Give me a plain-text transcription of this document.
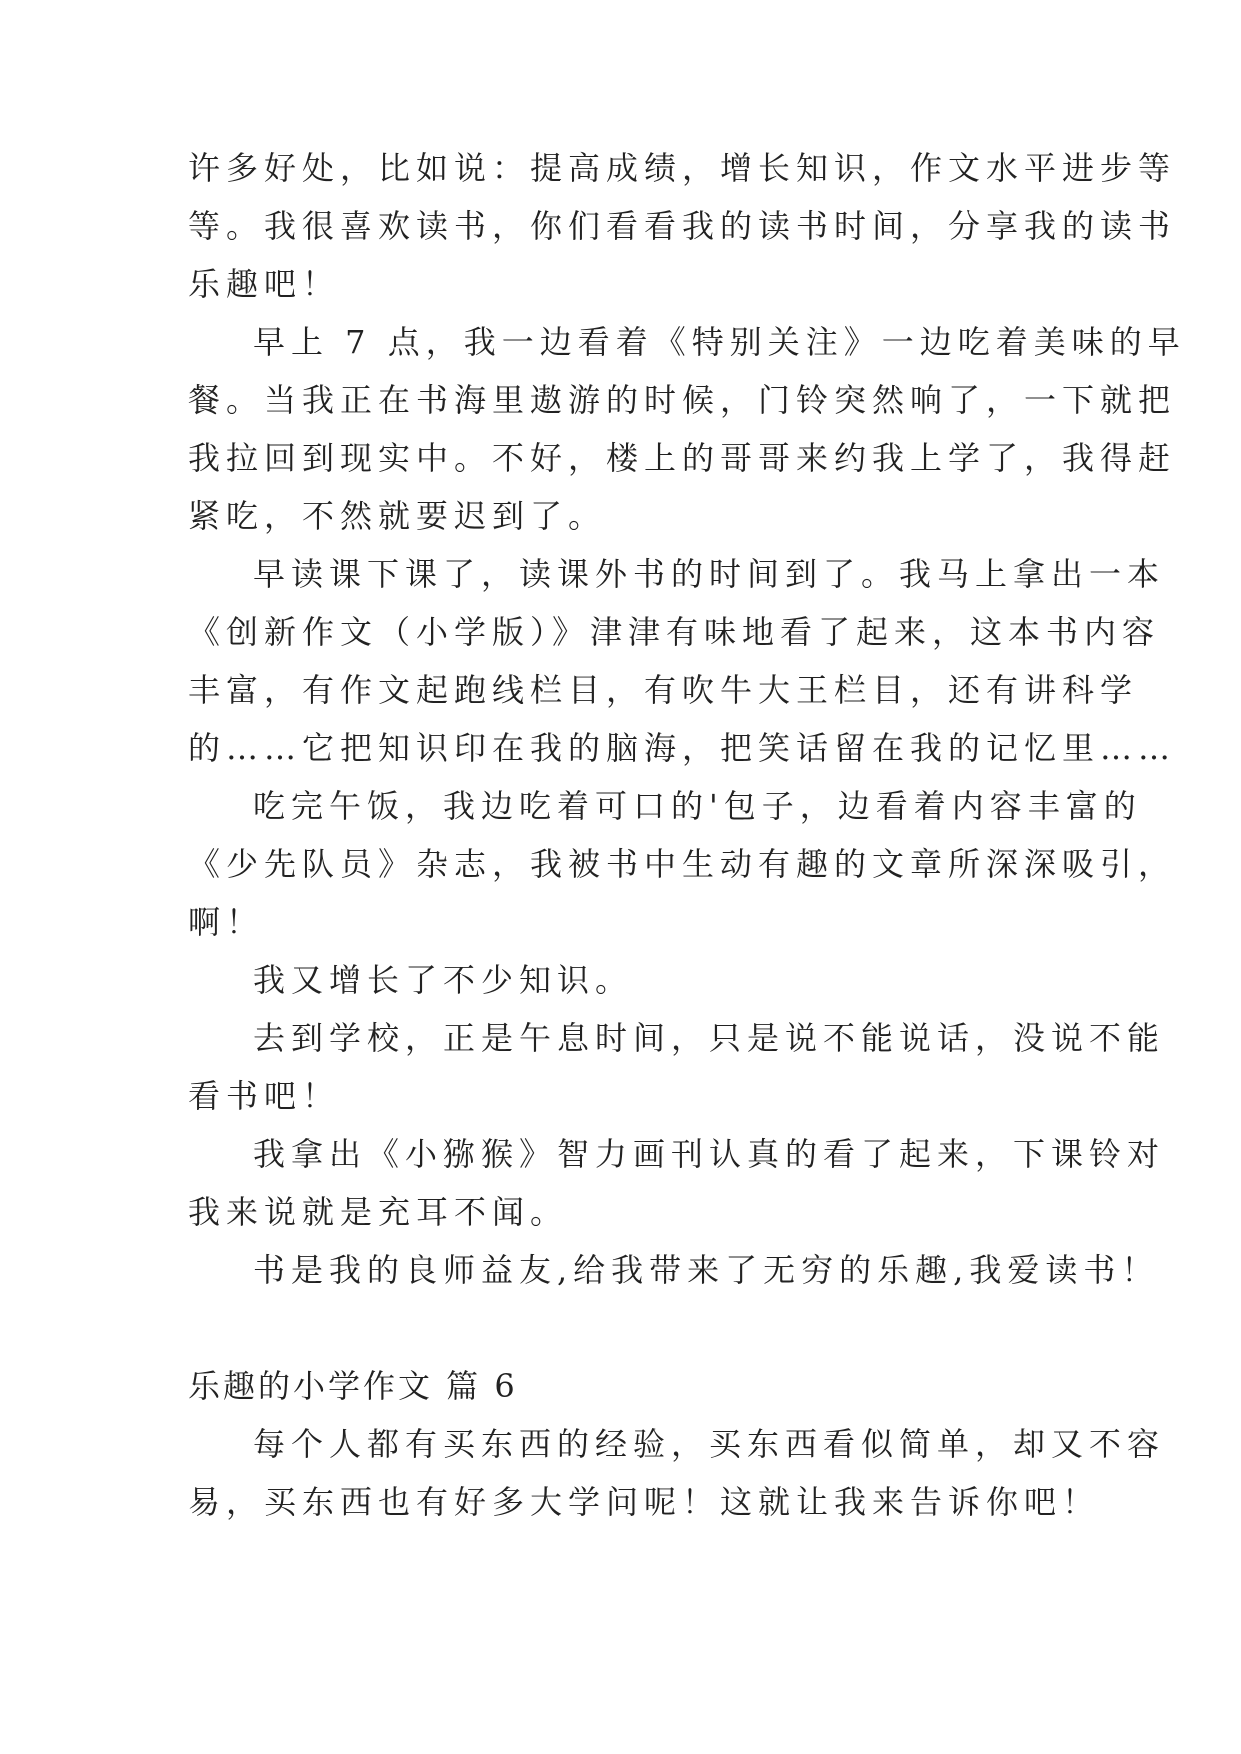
许多好处，比如说：提高成绩，增长知识，作文水平进步等
等。我很喜欢读书，你们看看我的读书时间，分享我的读书
乐趣吧！
早上 7 点，我一边看着《特别关注》一边吃着美味的早
餐。当我正在书海里遨游的时候，门铃突然响了，一下就把
我拉回到现实中。不好，楼上的哥哥来约我上学了，我得赶
紧吃，不然就要迟到了。
早读课下课了，读课外书的时间到了。我马上拿出一本
《创新作文（小学版）》津津有味地看了起来，这本书内容
丰富，有作文起跑线栏目，有吹牛大王栏目，还有讲科学
的……它把知识印在我的脑海，把笑话留在我的记忆里……
吃完午饭，我边吃着可口的'包子，边看着内容丰富的
《少先队员》杂志，我被书中生动有趣的文章所深深吸引，
啊！
我又增长了不少知识。
去到学校，正是午息时间，只是说不能说话，没说不能
看书吧！
我拿出《小猕猴》智力画刊认真的看了起来，下课铃对
我来说就是充耳不闻。
书是我的良师益友,给我带来了无穷的乐趣,我爱读书！
乐趣的小学作文 篇 6
每个人都有买东西的经验，买东西看似简单，却又不容
易，买东西也有好多大学问呢！这就让我来告诉你吧！
